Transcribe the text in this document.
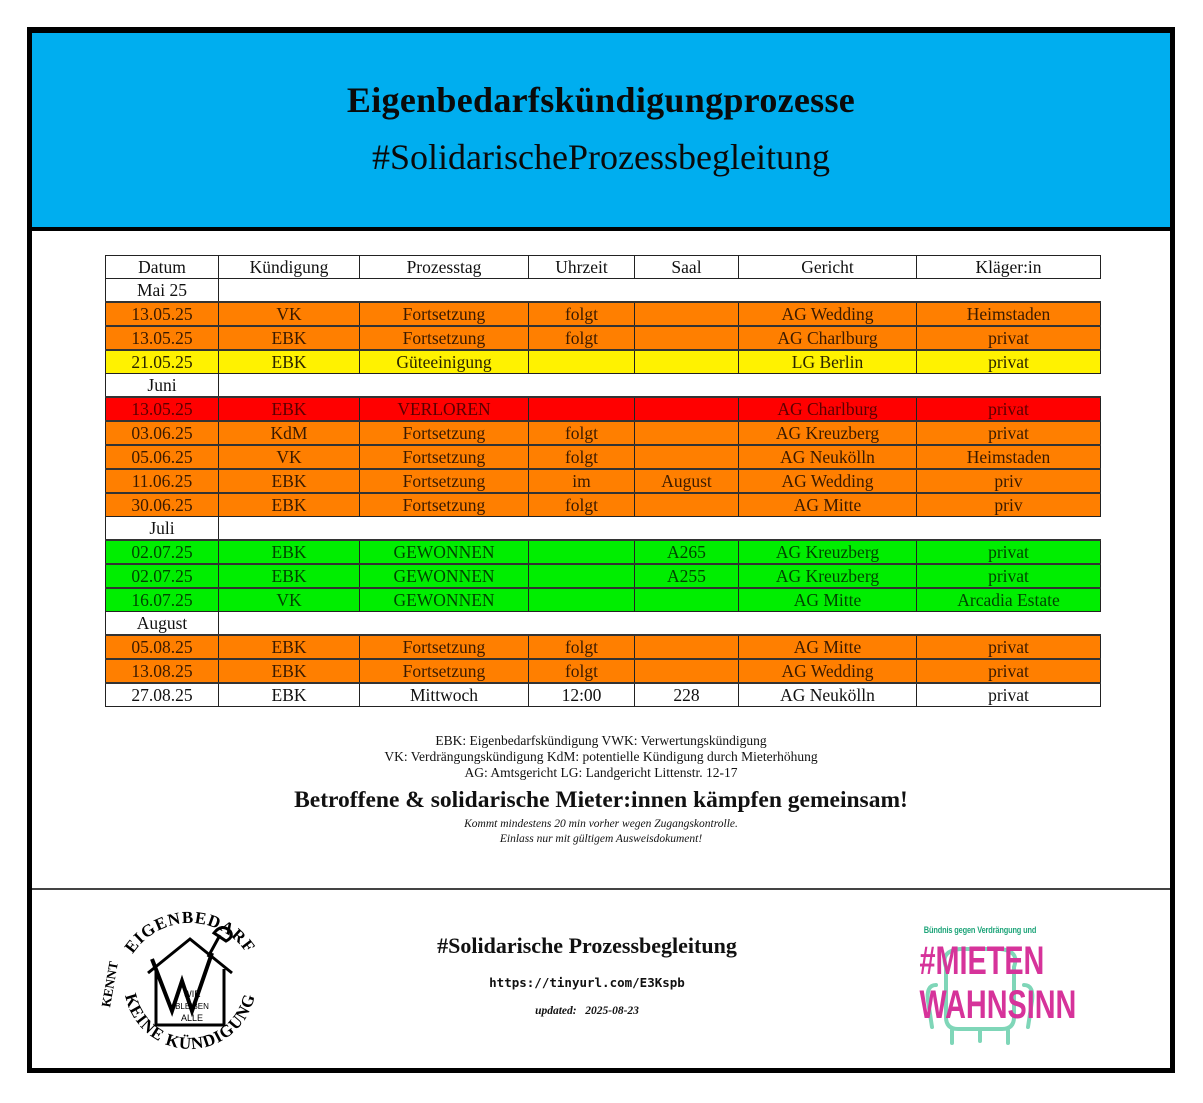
Eigenbedarfskündigungprozesse
#SolidarischeProzessbegleitung
Datum	Kündigung	Prozesstag	Uhrzeit	Saal	Gericht	Kläger:in
Mai 25						
13.05.25	VK	Fortsetzung	folgt		AG Wedding	Heimstaden
13.05.25	EBK	Fortsetzung	folgt		AG Charlburg	privat
21.05.25	EBK	Güteeinigung			LG Berlin	privat
Juni						
13.05.25	EBK	VERLOREN			AG Charlburg	privat
03.06.25	KdM	Fortsetzung	folgt		AG Kreuzberg	privat
05.06.25	VK	Fortsetzung	folgt		AG Neukölln	Heimstaden
11.06.25	EBK	Fortsetzung	im	August	AG Wedding	priv
30.06.25	EBK	Fortsetzung	folgt		AG Mitte	priv
Juli						
02.07.25	EBK	GEWONNEN		A265	AG Kreuzberg	privat
02.07.25	EBK	GEWONNEN		A255	AG Kreuzberg	privat
16.07.25	VK	GEWONNEN			AG Mitte	Arcadia Estate
August						
05.08.25	EBK	Fortsetzung	folgt		AG Mitte	privat
13.08.25	EBK	Fortsetzung	folgt		AG Wedding	privat
27.08.25	EBK	Mittwoch	12:00	228	AG Neukölln	privat
EBK: Eigenbedarfskündigung VWK: Verwertungskündigung
VK: Verdrängungskündigung KdM: potentielle Kündigung durch Mieterhöhung
AG: Amtsgericht LG: Landgericht Littenstr. 12-17
Betroffene & solidarische Mieter:innen kämpfen gemeinsam!
Kommt mindestens 20 min vorher wegen Zugangskontrolle.
Einlass nur mit gültigem Ausweisdokument!
EIGENBEDARF
KEINE KÜNDIGUNG
KENNT	WIR
BLEIBEN
ALLE
#Solidarische Prozessbegleitung
https://tinyurl.com/E3Kspb
updated: 2025-08-23
Bündnis gegen Verdrängung und
#MIETEN
WAHNSINN
